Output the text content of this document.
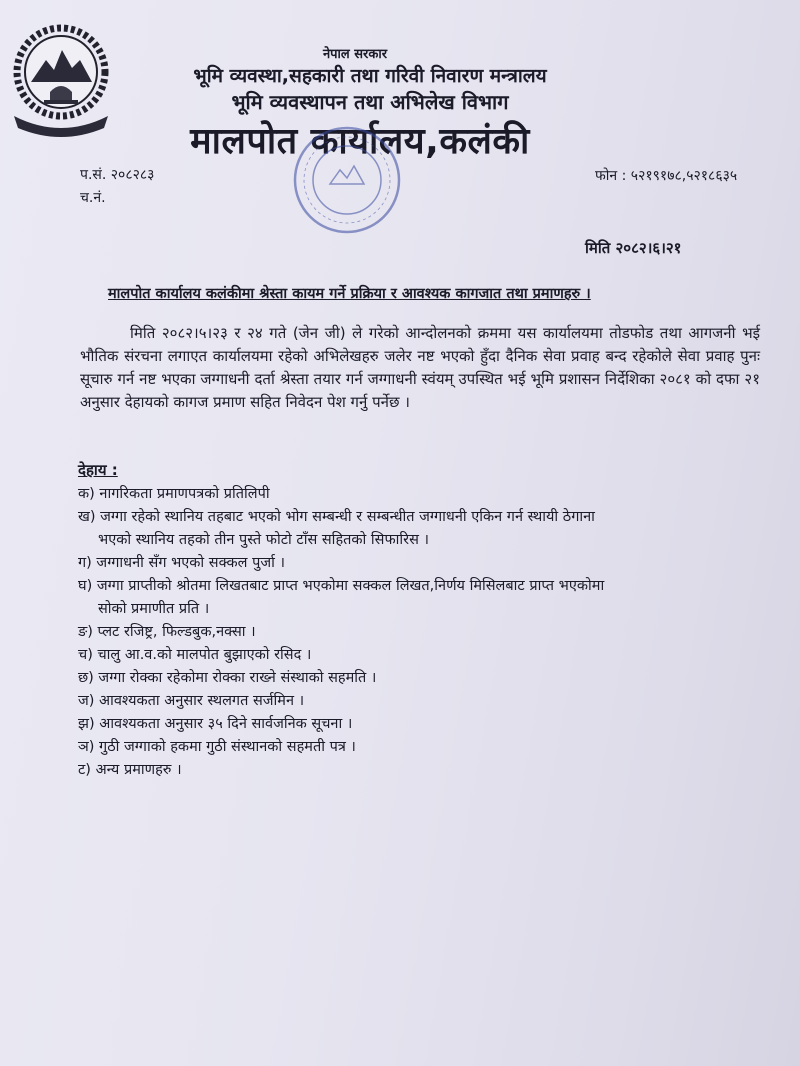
नेपाल सरकार
भूमि व्यवस्था,सहकारी तथा गरिवी निवारण मन्त्रालय
भूमि व्यवस्थापन तथा अभिलेख विभाग
मालपोत कार्यालय,कलंकी
प.सं. २०८२८३
च.नं.
फोन : ५२१९१७८,५२१८६३५
मिति २०८२।६।२१
मालपोत कार्यालय कलंकीमा श्रेस्ता कायम गर्ने प्रक्रिया र आवश्यक कागजात तथा प्रमाणहरु ।
मिति २०८२।५।२३ र २४ गते (जेन जी) ले गरेको आन्दोलनको क्रममा यस कार्यालयमा तोडफोड तथा आगजनी भई भौतिक संरचना लगाएत कार्यालयमा रहेको अभिलेखहरु जलेर नष्ट भएको हुँदा दैनिक सेवा प्रवाह बन्द रहेकोले सेवा प्रवाह पुनः सूचारु गर्न नष्ट भएका जग्गाधनी दर्ता श्रेस्ता तयार गर्न जग्गाधनी स्वंयम् उपस्थित भई भूमि प्रशासन निर्देशिका २०८१ को दफा २१ अनुसार देहायको कागज प्रमाण सहित निवेदन पेश गर्नु पर्नेछ ।
देहाय :
क) नागरिकता प्रमाणपत्रको प्रतिलिपी
ख) जग्गा रहेको स्थानिय तहबाट भएको भोग सम्बन्धी र सम्बन्धीत जग्गाधनी एकिन गर्न स्थायी ठेगाना
भएको स्थानिय तहको तीन पुस्ते फोटो टाँस सहितको सिफारिस ।
ग) जग्गाधनी सँग भएको सक्कल पुर्जा ।
घ) जग्गा प्राप्तीको श्रोतमा लिखतबाट प्राप्त भएकोमा सक्कल लिखत,निर्णय मिसिलबाट प्राप्त भएकोमा
सोको प्रमाणीत प्रति ।
ङ) प्लट रजिष्ट्र, फिल्डबुक,नक्सा ।
च) चालु आ.व.को मालपोत बुझाएको रसिद ।
छ) जग्गा रोक्का रहेकोमा रोक्का राख्ने संस्थाको सहमति ।
ज) आवश्यकता अनुसार स्थलगत सर्जमिन ।
झ) आवश्यकता अनुसार ३५ दिने सार्वजनिक सूचना ।
ञ) गुठी जग्गाको हकमा गुठी संस्थानको सहमती पत्र ।
ट) अन्य प्रमाणहरु ।
